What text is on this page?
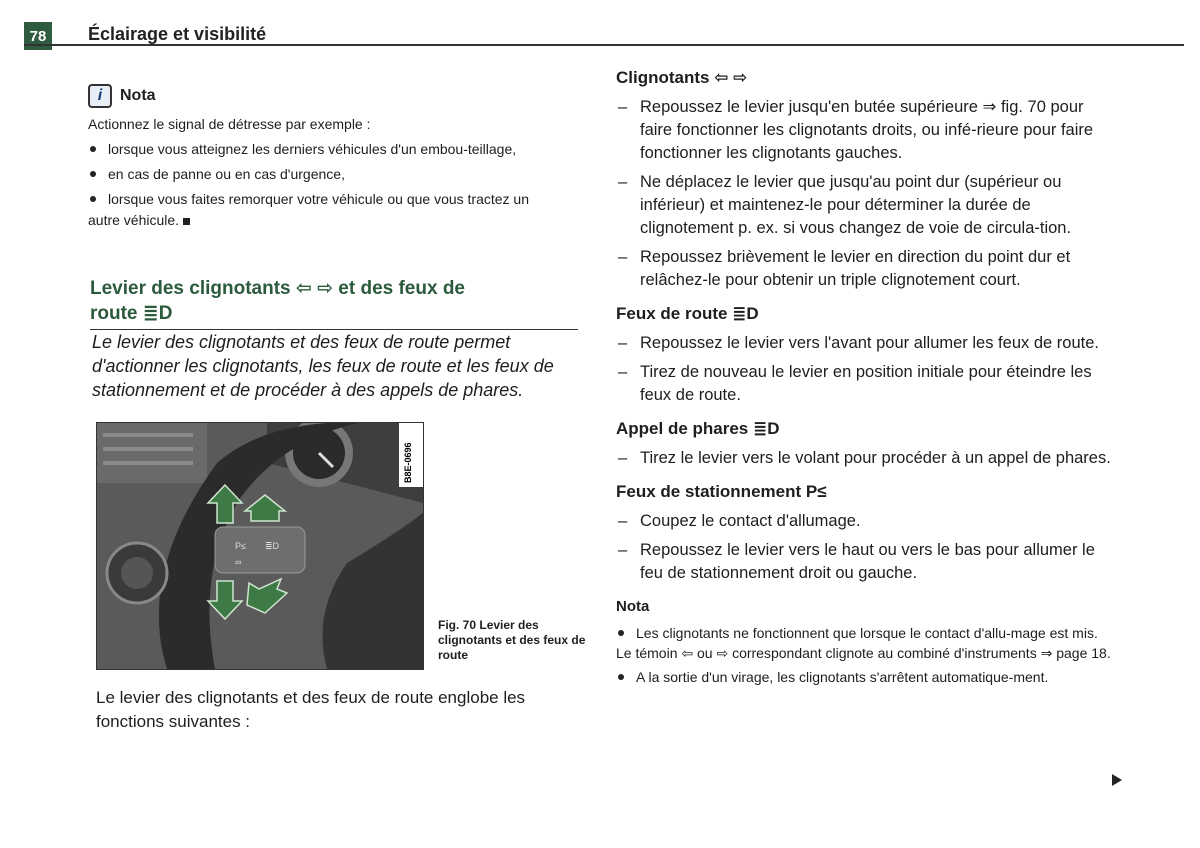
78	Éclairage et visibilité
i	Nota

Actionnez le signal de détresse par exemple :

lorsque vous atteignez les derniers véhicules d'un embou-teillage,

en cas de panne ou en cas d'urgence,

lorsque vous faites remorquer votre véhicule ou que vous tractez un autre véhicule.

Levier des clignotants ⇦ ⇨ et des feux de
route ≣D
Le levier des clignotants et des feux de route permet d'actionner les clignotants, les feux de route et les feux de stationnement et de procéder à des appels de phares.
P≤ ≣D
∞
B8E-0696
Fig. 70 Levier des clignotants et des feux de route
Le levier des clignotants et des feux de route englobe les fonctions suivantes :

Clignotants ⇦ ⇨

– Repoussez le levier jusqu'en butée supérieure ⇒ fig. 70 pour faire fonctionner les clignotants droits, ou infé-rieure pour faire fonctionner les clignotants gauches.

– Ne déplacez le levier que jusqu'au point dur (supérieur ou inférieur) et maintenez-le pour déterminer la durée de clignotement p. ex. si vous changez de voie de circula-tion.

– Repoussez brièvement le levier en direction du point dur et relâchez-le pour obtenir un triple clignotement court.

Feux de route ≣D

– Repoussez le levier vers l'avant pour allumer les feux de route.

– Tirez de nouveau le levier en position initiale pour éteindre les feux de route.

Appel de phares ≣D

– Tirez le levier vers le volant pour procéder à un appel de phares.

Feux de stationnement P≤

– Coupez le contact d'allumage.

– Repoussez le levier vers le haut ou vers le bas pour allumer le feu de stationnement droit ou gauche.

Nota

Les clignotants ne fonctionnent que lorsque le contact d'allu-mage est mis. Le témoin ⇦ ou ⇨ correspondant clignote au combiné d'instruments ⇒ page 18.

A la sortie d'un virage, les clignotants s'arrêtent automatique-ment.
